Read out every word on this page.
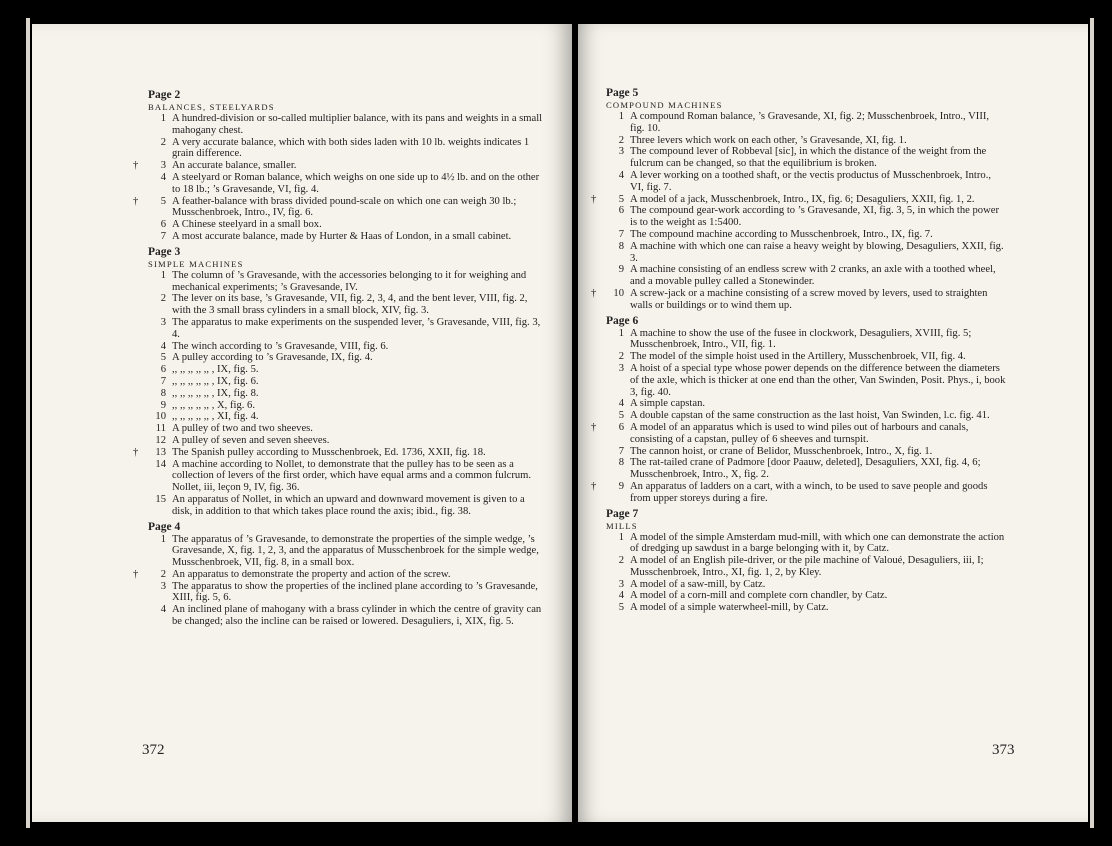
Page 2
BALANCES, STEELYARDS
1 A hundred-division or so-called multiplier balance, with its pans and weights in a small mahogany chest.
2 A very accurate balance, which with both sides laden with 10 lb. weights indicates 1 grain difference.
†	3 An accurate balance, smaller.
4 A steelyard or Roman balance, which weighs on one side up to 4½ lb. and on the other to 18 lb.; ’s Gravesande, VI, fig. 4.
†	5 A feather-balance with brass divided pound-scale on which one can weigh 30 lb.; Musschenbroek, Intro., IV, fig. 6.
6 A Chinese steelyard in a small box.
7 A most accurate balance, made by Hurter & Haas of London, in a small cabinet.
Page 3
SIMPLE MACHINES
1 The column of ’s Gravesande, with the accessories belonging to it for weighing and mechanical experiments; ’s Gravesande, IV.
2 The lever on its base, ’s Gravesande, VII, fig. 2, 3, 4, and the bent lever, VIII, fig. 2, with the 3 small brass cylinders in a small block, XIV, fig. 3.
3 The apparatus to make experiments on the suspended lever, ’s Gravesande, VIII, fig. 3, 4.
4 The winch according to ’s Gravesande, VIII, fig. 6.
5 A pulley according to ’s Gravesande, IX, fig. 4.
6 ,, ,, ,, ,, ,, , IX, fig. 5.
7 ,, ,, ,, ,, ,, , IX, fig. 6.
8 ,, ,, ,, ,, ,, , IX, fig. 8.
9 ,, ,, ,, ,, ,, , X, fig. 6.
10 ,, ,, ,, ,, ,, , XI, fig. 4.
11 A pulley of two and two sheeves.
12 A pulley of seven and seven sheeves.
†	13 The Spanish pulley according to Musschenbroek, Ed. 1736, XXII, fig. 18.
14 A machine according to Nollet, to demonstrate that the pulley has to be seen as a collection of levers of the first order, which have equal arms and a common fulcrum. Nollet, iii, leçon 9, IV, fig. 36.
15 An apparatus of Nollet, in which an upward and downward movement is given to a disk, in addition to that which takes place round the axis; ibid., fig. 38.
Page 4
1 The apparatus of ’s Gravesande, to demonstrate the properties of the simple wedge, ’s Gravesande, X, fig. 1, 2, 3, and the apparatus of Musschenbroek for the simple wedge, Musschenbroek, VII, fig. 8, in a small box.
†	2 An apparatus to demonstrate the property and action of the screw.
3 The apparatus to show the properties of the inclined plane according to ’s Gravesande, XIII, fig. 5, 6.
4 An inclined plane of mahogany with a brass cylinder in which the centre of gravity can be changed; also the incline can be raised or lowered. Desaguliers, i, XIX, fig. 5.
372
Page 5
COMPOUND MACHINES
1 A compound Roman balance, ’s Gravesande, XI, fig. 2; Musschenbroek, Intro., VIII, fig. 10.
2 Three levers which work on each other, ’s Gravesande, XI, fig. 1.
3 The compound lever of Robbeval [sic], in which the distance of the weight from the fulcrum can be changed, so that the equilibrium is broken.
4 A lever working on a toothed shaft, or the vectis productus of Musschenbroek, Intro., VI, fig. 7.
†	5 A model of a jack, Musschenbroek, Intro., IX, fig. 6; Desaguliers, XXII, fig. 1, 2.
6 The compound gear-work according to ’s Gravesande, XI, fig. 3, 5, in which the power is to the weight as 1:5400.
7 The compound machine according to Musschenbroek, Intro., IX, fig. 7.
8 A machine with which one can raise a heavy weight by blowing, Desaguliers, XXII, fig. 3.
9 A machine consisting of an endless screw with 2 cranks, an axle with a toothed wheel, and a movable pulley called a Stonewinder.
†	10 A screw-jack or a machine consisting of a screw moved by levers, used to straighten walls or buildings or to wind them up.
Page 6
1 A machine to show the use of the fusee in clockwork, Desaguliers, XVIII, fig. 5; Musschenbroek, Intro., VII, fig. 1.
2 The model of the simple hoist used in the Artillery, Musschenbroek, VII, fig. 4.
3 A hoist of a special type whose power depends on the difference between the diameters of the axle, which is thicker at one end than the other, Van Swinden, Posit. Phys., i, book 3, fig. 40.
4 A simple capstan.
5 A double capstan of the same construction as the last hoist, Van Swinden, l.c. fig. 41.
†	6 A model of an apparatus which is used to wind piles out of harbours and canals, consisting of a capstan, pulley of 6 sheeves and turnspit.
7 The cannon hoist, or crane of Belidor, Musschenbroek, Intro., X, fig. 1.
8 The rat-tailed crane of Padmore [door Paauw, deleted], Desaguliers, XXI, fig. 4, 6; Musschenbroek, Intro., X, fig. 2.
†	9 An apparatus of ladders on a cart, with a winch, to be used to save people and goods from upper storeys during a fire.
Page 7
MILLS
1 A model of the simple Amsterdam mud-mill, with which one can demonstrate the action of dredging up sawdust in a barge belonging with it, by Catz.
2 A model of an English pile-driver, or the pile machine of Valoué, Desaguliers, iii, I; Musschenbroek, Intro., XI, fig. 1, 2, by Kley.
3 A model of a saw-mill, by Catz.
4 A model of a corn-mill and complete corn chandler, by Catz.
5 A model of a simple waterwheel-mill, by Catz.
373
